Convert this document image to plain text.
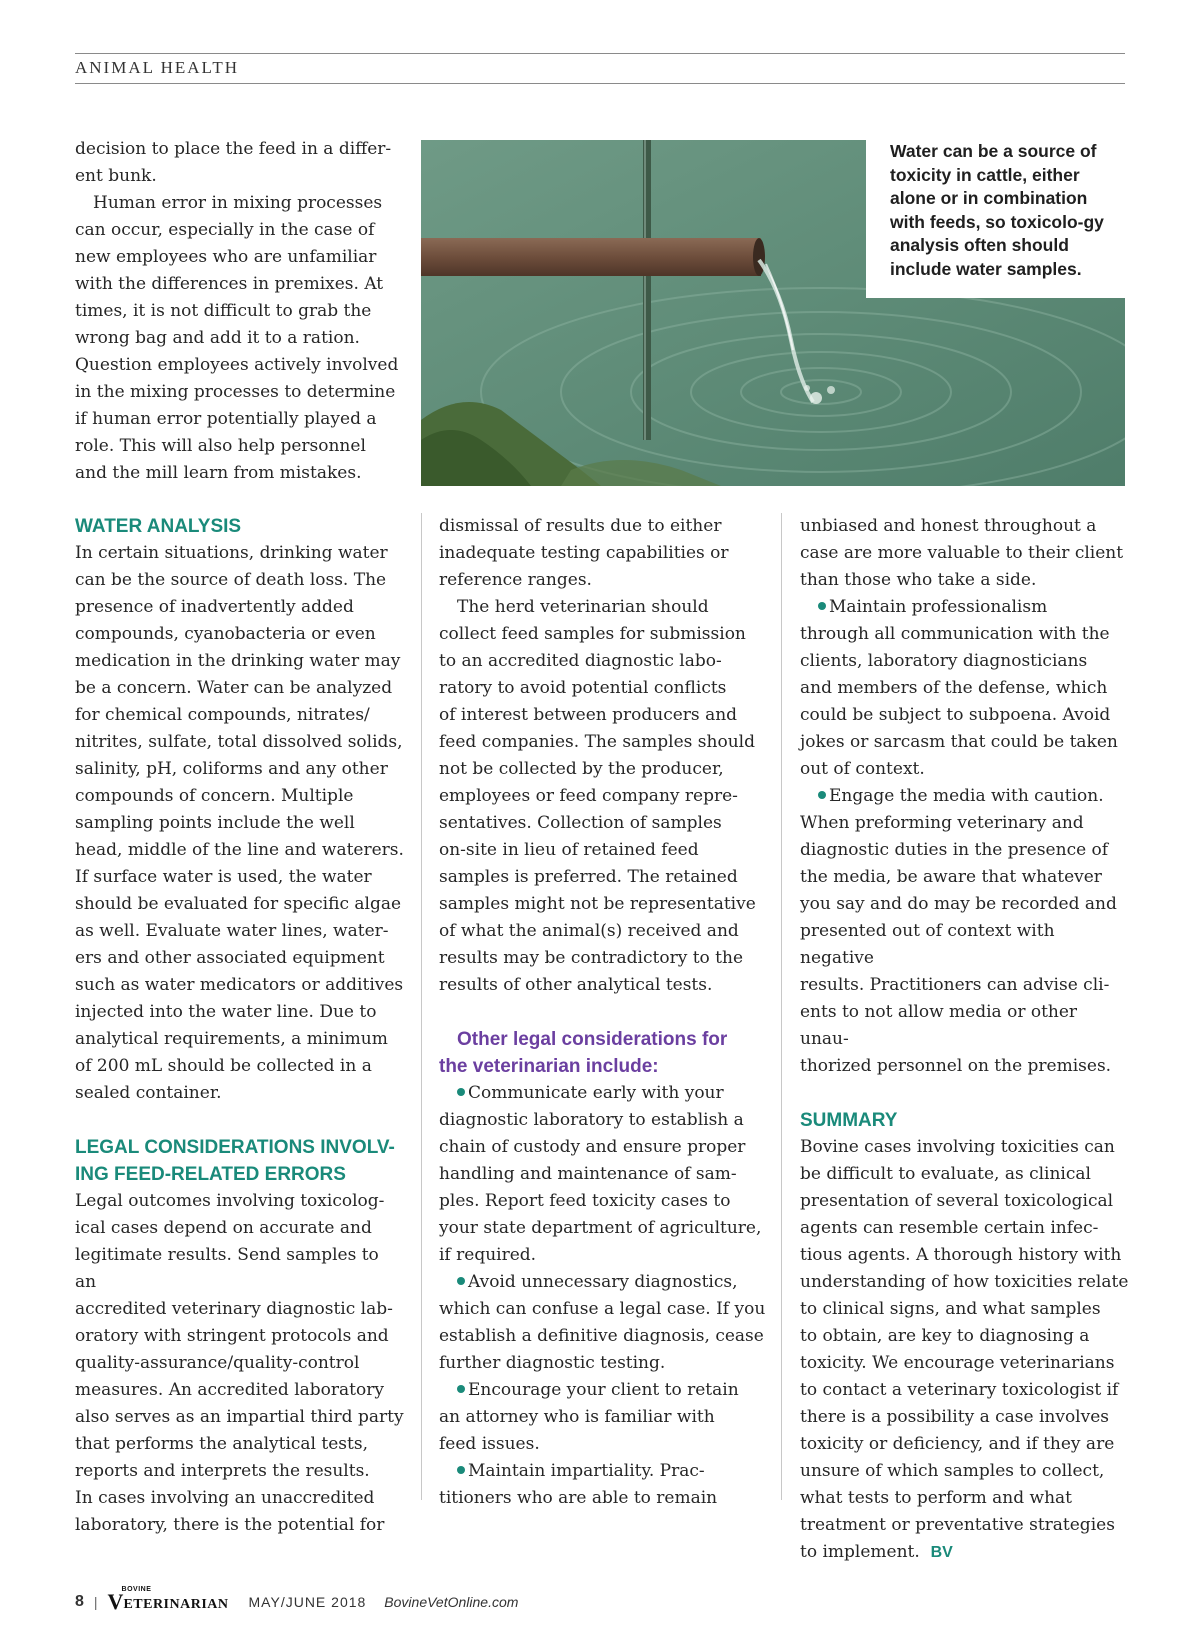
ANIMAL HEALTH

Water can be a source of toxicity in cattle, either alone or in combination with feeds, so toxicolo-gy analysis often should include water samples.

decision to place the feed in a differ-

ent bunk.

Human error in mixing processes

can occur, especially in the case of

new employees who are unfamiliar

with the differences in premixes. At

times, it is not difficult to grab the

wrong bag and add it to a ration.

Question employees actively involved

in the mixing processes to determine

if human error potentially played a

role. This will also help personnel

and the mill learn from mistakes.

WATER ANALYSIS

In certain situations, drinking water

can be the source of death loss. The

presence of inadvertently added

compounds, cyanobacteria or even

medication in the drinking water may

be a concern. Water can be analyzed

for chemical compounds, nitrates/

nitrites, sulfate, total dissolved solids,

salinity, pH, coliforms and any other

compounds of concern. Multiple

sampling points include the well

head, middle of the line and waterers.

If surface water is used, the water

should be evaluated for specific algae

as well. Evaluate water lines, water-

ers and other associated equipment

such as water medicators or additives

injected into the water line. Due to

analytical requirements, a minimum

of 200 mL should be collected in a

sealed container.

LEGAL CONSIDERATIONS INVOLV-
ING FEED-RELATED ERRORS

Legal outcomes involving toxicolog-

ical cases depend on accurate and

legitimate results. Send samples to an

accredited veterinary diagnostic lab-

oratory with stringent protocols and

quality-assurance/quality-control

measures. An accredited laboratory

also serves as an impartial third party

that performs the analytical tests,

reports and interprets the results.

In cases involving an unaccredited

laboratory, there is the potential for

dismissal of results due to either

inadequate testing capabilities or

reference ranges.

The herd veterinarian should

collect feed samples for submission

to an accredited diagnostic labo-

ratory to avoid potential conflicts

of interest between producers and

feed companies. The samples should

not be collected by the producer,

employees or feed company repre-

sentatives. Collection of samples

on-site in lieu of retained feed

samples is preferred. The retained

samples might not be representative

of what the animal(s) received and

results may be contradictory to the

results of other analytical tests.

Other legal considerations for
the veterinarian include:

Communicate early with your

diagnostic laboratory to establish a

chain of custody and ensure proper

handling and maintenance of sam-

ples. Report feed toxicity cases to

your state department of agriculture,

if required.

Avoid unnecessary diagnostics,

which can confuse a legal case. If you

establish a definitive diagnosis, cease

further diagnostic testing.

Encourage your client to retain

an attorney who is familiar with

feed issues.

Maintain impartiality. Prac-

titioners who are able to remain

unbiased and honest throughout a

case are more valuable to their client

than those who take a side.

Maintain professionalism

through all communication with the

clients, laboratory diagnosticians

and members of the defense, which

could be subject to subpoena. Avoid

jokes or sarcasm that could be taken

out of context.

Engage the media with caution.

When preforming veterinary and

diagnostic duties in the presence of

the media, be aware that whatever

you say and do may be recorded and

presented out of context with negative

results. Practitioners can advise cli-

ents to not allow media or other unau-

thorized personnel on the premises.

SUMMARY

Bovine cases involving toxicities can

be difficult to evaluate, as clinical

presentation of several toxicological

agents can resemble certain infec-

tious agents. A thorough history with

understanding of how toxicities relate

to clinical signs, and what samples

to obtain, are key to diagnosing a

toxicity. We encourage veterinarians

to contact a veterinary toxicologist if

there is a possibility a case involves

toxicity or deficiency, and if they are

unsure of which samples to collect,

what tests to perform and what

treatment or preventative strategies

to implement. BV

8 |
BOVINE
V ETERINARIAN MAY/JUNE 2018 BovineVetOnline.com
